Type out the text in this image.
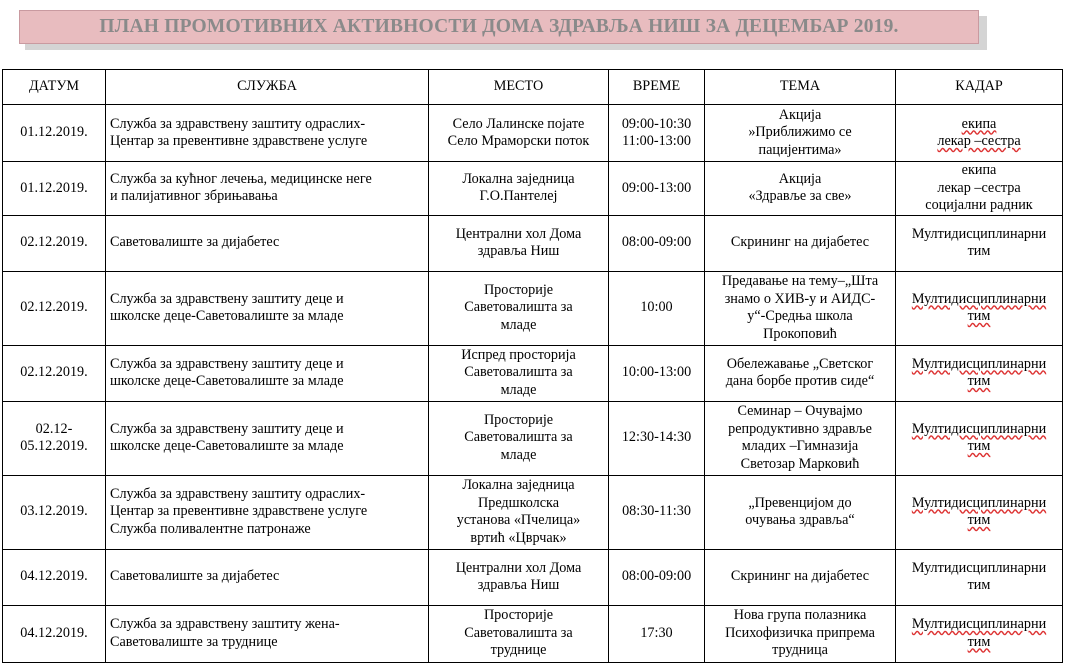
ПЛАН ПРОМОТИВНИХ АКТИВНОСТИ ДОМА ЗДРАВЉА НИШ ЗА ДЕЦЕМБАР 2019.
ДАТУМ	СЛУЖБА	МЕСТО	ВРЕМЕ	ТЕМА	КАДАР

01.12.2019.	Служба за здравствену заштиту одраслих-
Центар за превентивне здравствене услуге	Село Лалинске појате
Село Мраморски поток	09:00-10:30
11:00-13:00	Акција
»Приближимо се
пацијентима»	екипа
лекар –сестра

01.12.2019.	Служба за кућног лечења, медицинске неге
и палијативног збрињавања	Локална заједница
Г.О.Пантелеј	09:00-13:00	Акција
«Здравље за све»	екипа
лекар –сестра
социјални радник

02.12.2019.	Саветовалиште за дијабетес	Централни хол Дома
здравља Ниш	08:00-09:00	Скрининг на дијабетес	Мултидисциплинарни
тим

02.12.2019.	Служба за здравствену заштиту деце и
школске деце-Саветовалиште за младе	Просторије
Саветовалишта за
младе	10:00	Предавање на тему–„Шта
знамо о ХИВ-у и АИДС-
у“-Средња школа
Прокоповић	Мултидисциплинарни
тим

02.12.2019.	Служба за здравствену заштиту деце и
школске деце-Саветовалиште за младе	Испред просторија
Саветовалишта за
младе	10:00-13:00	Обележавање „Светског
дана борбе против сиде“	Мултидисциплинарни
тим

02.12-
05.12.2019.	Служба за здравствену заштиту деце и
школске деце-Саветовалиште за младе	Просторије
Саветовалишта за
младе	12:30-14:30	Семинар – Очувајмо
репродуктивно здравље
младих –Гимназија
Светозар Марковић	Мултидисциплинарни
тим

03.12.2019.	Служба за здравствену заштиту одраслих-
Центар за превентивне здравствене услуге
Служба поливалентне патронаже	Локална заједница
Предшколска
установа «Пчелица»
вртић «Цврчак»	08:30-11:30	„Превенцијом до
очувања здравља“	Мултидисциплинарни
тим

04.12.2019.	Саветовалиште за дијабетес	Централни хол Дома
здравља Ниш	08:00-09:00	Скрининг на дијабетес	Мултидисциплинарни
тим

04.12.2019.	Служба за здравствену заштиту жена-
Саветовалиште за труднице	Просторије
Саветовалишта за
труднице	17:30	Нова група полазника
Психофизичка припрема
трудница	Мултидисциплинарни
тим
